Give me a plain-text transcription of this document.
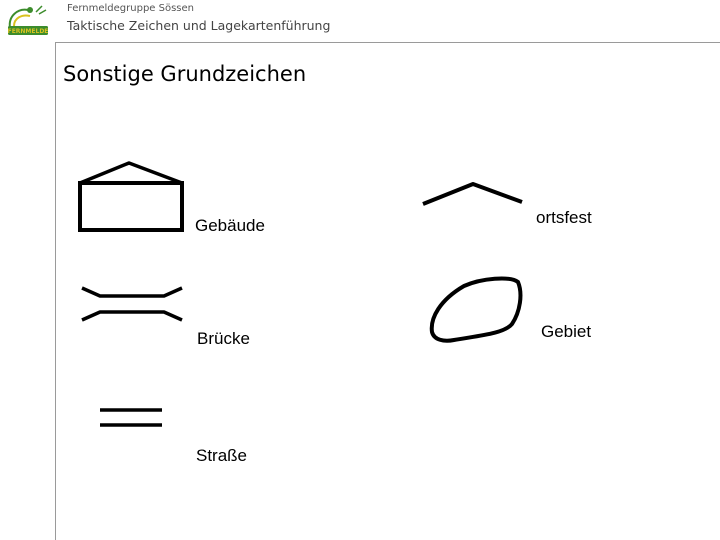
FERNMELDE
Fernmeldegruppe Sössen
Taktische Zeichen und Lagekartenführung
Sonstige Grundzeichen
Gebäude
Brücke
Straße
ortsfest
Gebiet
